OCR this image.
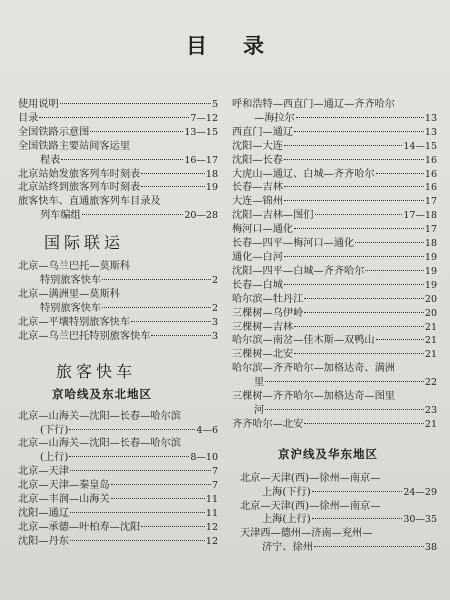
目录
使用说明	5
目录	7—12
全国铁路示意图	13—15
全国铁路主要站间客运里
程表	16—17
北京站始发旅客列车时刻表	18
北京站终到旅客列车时刻表	19
旅客快车、直通旅客列车目录及
列车编组	20—28
国际联运
北京—乌兰巴托—莫斯科
特别旅客快车	2
北京—满洲里—莫斯科
特别旅客快车	2
北京—平壤特别旅客快车	3
北京—乌兰巴托特别旅客快车	3
旅客快车
京哈线及东北地区
北京—山海关—沈阳—长春—哈尔滨
(下行)	4—6
北京—山海关—沈阳—长春—哈尔滨
(上行)	8—10
北京—天津	7
北京—天津—秦皇岛	7
北京—丰润—山海关	11
沈阳—通辽	11
北京—承德—叶柏寿—沈阳	12
沈阳—丹东	12
呼和浩特—西直门—通辽—齐齐哈尔
—海拉尔	13
西直门—通辽	13
沈阳—大连	14—15
沈阳—长春	16
大虎山—通辽、白城—齐齐哈尔	16
长春—吉林	16
大连—锦州	17
沈阳—吉林—图们	17—18
梅河口—通化	17
长春—四平—梅河口—通化	18
通化—白河	19
沈阳—四平—白城—齐齐哈尔	19
长春—白城	19
哈尔滨—牡丹江	20
三棵树—乌伊岭	20
三棵树—吉林	21
哈尔滨—南岔—佳木斯—双鸭山	21
三棵树—北安	21
哈尔滨—齐齐哈尔—加格达奇、满洲
里	22
三棵树—齐齐哈尔—加格达奇—图里
河	23
齐齐哈尔—北安	21
京沪线及华东地区
北京—天津(西)—徐州—南京—
上海(下行)	24—29
北京—天津(西)—徐州—南京—
上海(上行)	30—35
天津西—德州—济南—兖州—
济宁、徐州	38
